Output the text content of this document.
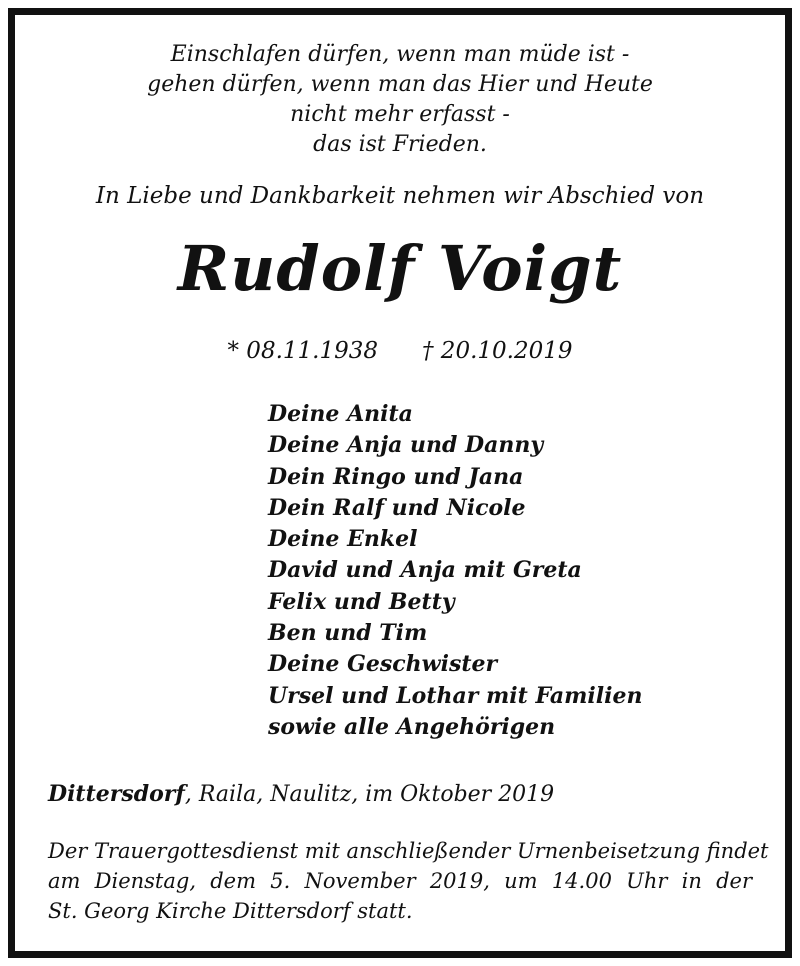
Einschlafen dürfen, wenn man müde ist -
gehen dürfen, wenn man das Hier und Heute
nicht mehr erfasst -
das ist Frieden.
In Liebe und Dankbarkeit nehmen wir Abschied von
Rudolf Voigt
* 08.11.1938 † 20.10.2019
Deine Anita
Deine Anja und Danny
Dein Ringo und Jana
Dein Ralf und Nicole
Deine Enkel
David und Anja mit Greta
Felix und Betty
Ben und Tim
Deine Geschwister
Ursel und Lothar mit Familien
sowie alle Angehörigen
Dittersdorf, Raila, Naulitz, im Oktober 2019
Der Trauergottesdienst mit anschließender Urnenbeisetzung findet
am Dienstag, dem 5. November 2019, um 14.00 Uhr in der
St. Georg Kirche Dittersdorf statt.
